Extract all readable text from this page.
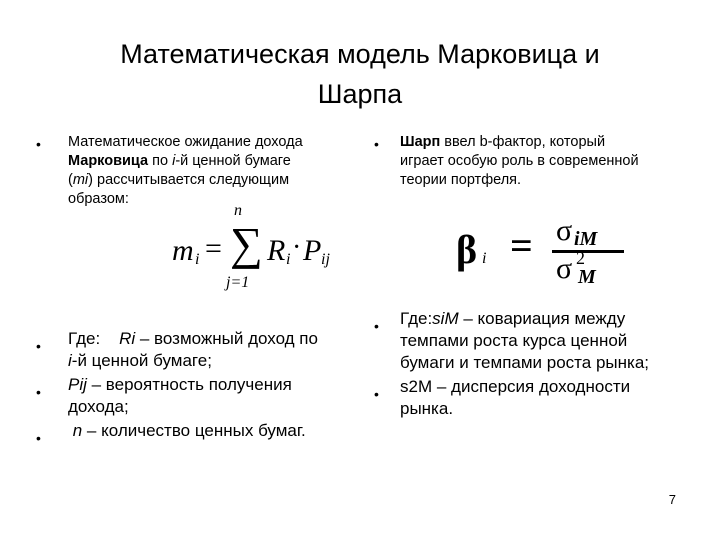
Математическая модель Марковица и
Шарпа
• Математическое ожидание дохода
Марковица по i-й ценной бумаге
(mi) рассчитывается следующим
образом:
m i = ∑
n
j=1
R i · P ij
• Где: Ri – возможный доход по
i-й ценной бумаге;
• Pij – вероятность получения
дохода;
• n – количество ценных бумаг.
• Шарп ввел b-фактор, который
играет особую роль в современной
теории портфеля.
β i = σ iM
σ 2
M
• Где:siM – ковариация между
темпами роста курса ценной
бумаги и темпами роста рынка;
• s2M – дисперсия доходности
рынка.
7
